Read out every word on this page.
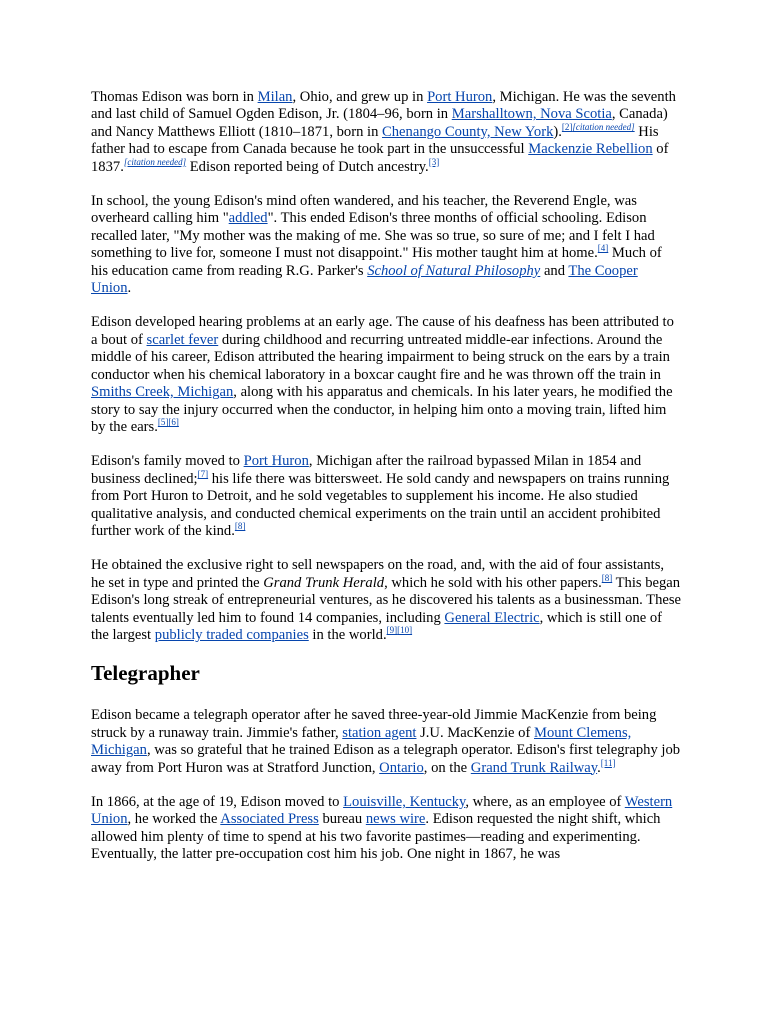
Thomas Edison was born in Milan, Ohio, and grew up in Port Huron, Michigan. He was the seventh and last child of Samuel Ogden Edison, Jr. (1804–96, born in Marshalltown, Nova Scotia, Canada) and Nancy Matthews Elliott (1810–1871, born in Chenango County, New York).[2][citation needed] His father had to escape from Canada because he took part in the unsuccessful Mackenzie Rebellion of 1837.[citation needed] Edison reported being of Dutch ancestry.[3]

In school, the young Edison's mind often wandered, and his teacher, the Reverend Engle, was overheard calling him "addled". This ended Edison's three months of official schooling. Edison recalled later, "My mother was the making of me. She was so true, so sure of me; and I felt I had something to live for, someone I must not disappoint." His mother taught him at home.[4] Much of his education came from reading R.G. Parker's School of Natural Philosophy and The Cooper Union.

Edison developed hearing problems at an early age. The cause of his deafness has been attributed to a bout of scarlet fever during childhood and recurring untreated middle-ear infections. Around the middle of his career, Edison attributed the hearing impairment to being struck on the ears by a train conductor when his chemical laboratory in a boxcar caught fire and he was thrown off the train in Smiths Creek, Michigan, along with his apparatus and chemicals. In his later years, he modified the story to say the injury occurred when the conductor, in helping him onto a moving train, lifted him by the ears.[5][6]

Edison's family moved to Port Huron, Michigan after the railroad bypassed Milan in 1854 and business declined;[7] his life there was bittersweet. He sold candy and newspapers on trains running from Port Huron to Detroit, and he sold vegetables to supplement his income. He also studied qualitative analysis, and conducted chemical experiments on the train until an accident prohibited further work of the kind.[8]

He obtained the exclusive right to sell newspapers on the road, and, with the aid of four assistants, he set in type and printed the Grand Trunk Herald, which he sold with his other papers.[8] This began Edison's long streak of entrepreneurial ventures, as he discovered his talents as a businessman. These talents eventually led him to found 14 companies, including General Electric, which is still one of the largest publicly traded companies in the world.[9][10]

Telegrapher

Edison became a telegraph operator after he saved three-year-old Jimmie MacKenzie from being struck by a runaway train. Jimmie's father, station agent J.U. MacKenzie of Mount Clemens, Michigan, was so grateful that he trained Edison as a telegraph operator. Edison's first telegraphy job away from Port Huron was at Stratford Junction, Ontario, on the Grand Trunk Railway.[11]

In 1866, at the age of 19, Edison moved to Louisville, Kentucky, where, as an employee of Western Union, he worked the Associated Press bureau news wire. Edison requested the night shift, which allowed him plenty of time to spend at his two favorite pastimes—reading and experimenting. Eventually, the latter pre-occupation cost him his job. One night in 1867, he was
